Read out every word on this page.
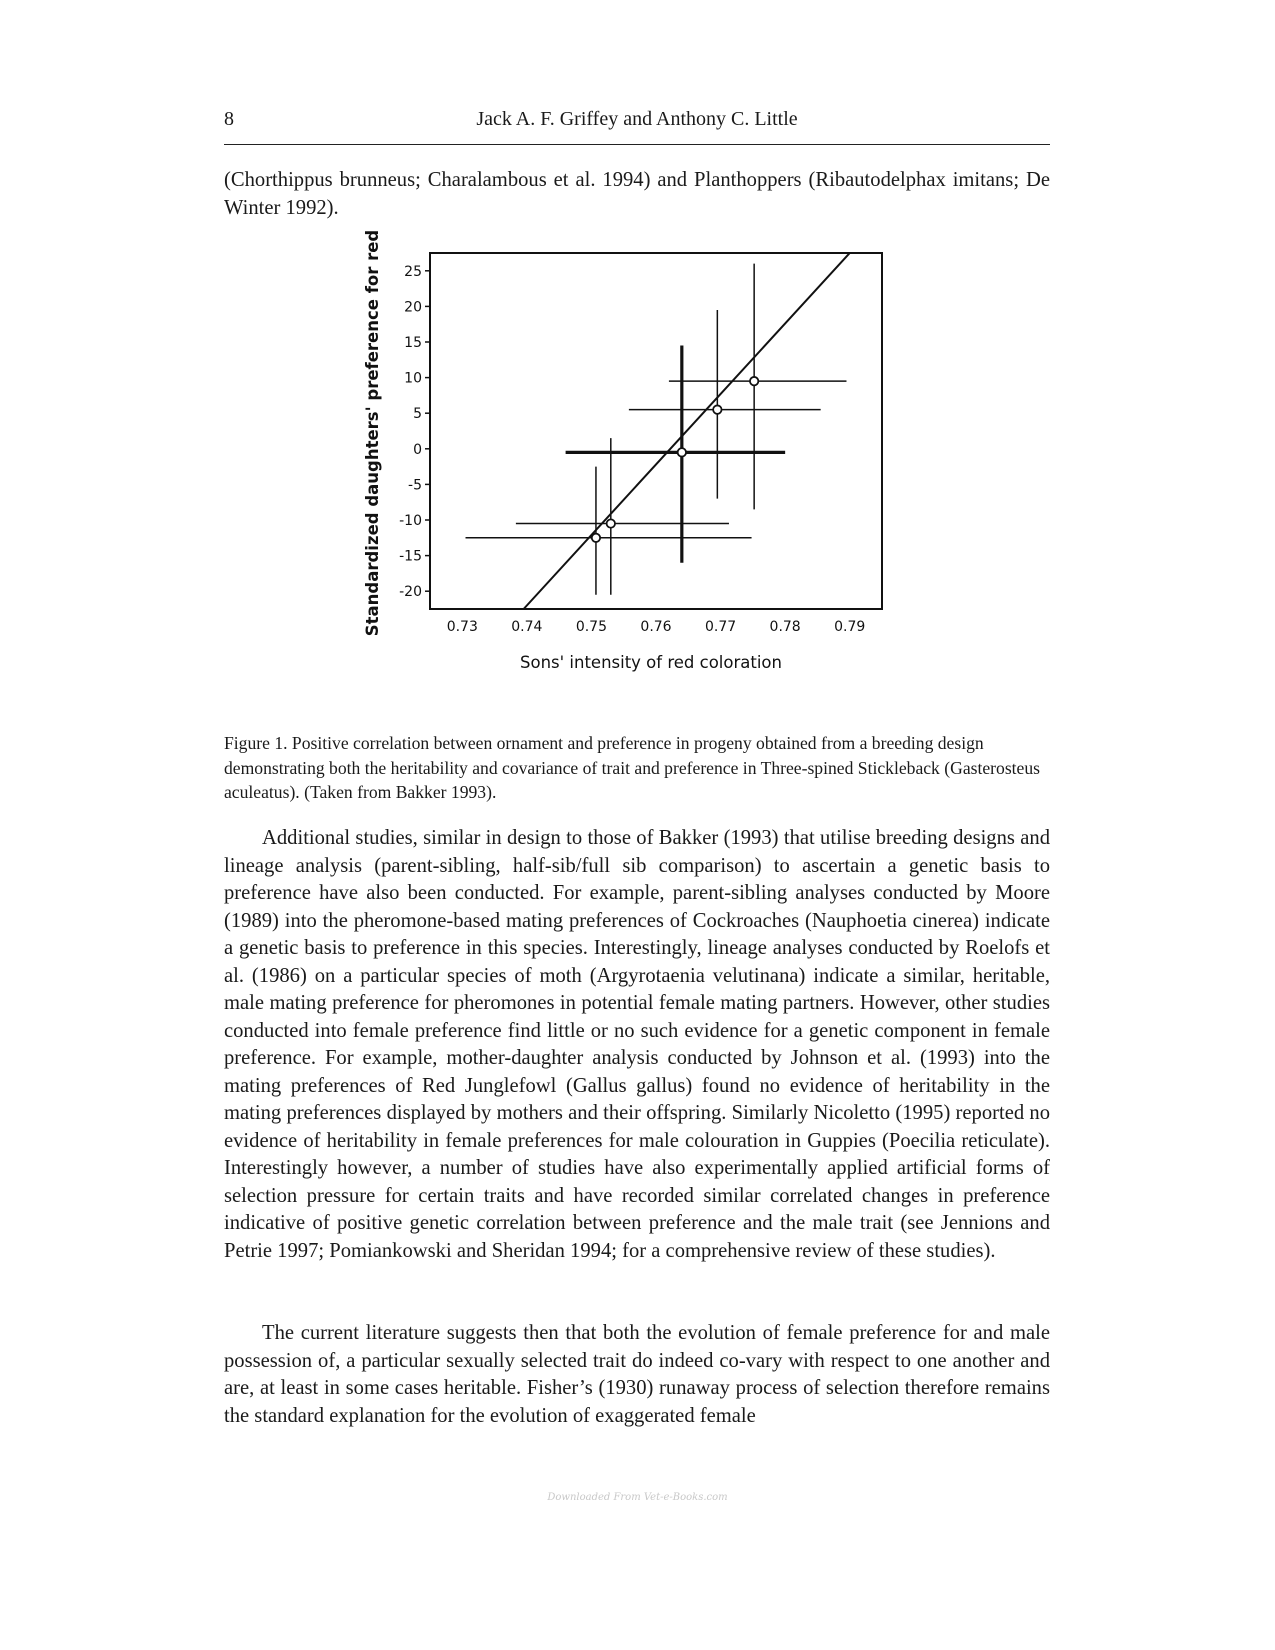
8	Jack A. F. Griffey and Anthony C. Little
(Chorthippus brunneus; Charalambous et al. 1994) and Planthoppers (Ribautodelphax imitans; De Winter 1992).
25
20
15
10
5
0
-5
-10
-15
-20
0.73 0.74 0.75 0.76 0.77 0.78 0.79
Sons' intensity of red coloration
Standardized daughters' preference for red
Figure 1. Positive correlation between ornament and preference in progeny obtained from a breeding design demonstrating both the heritability and covariance of trait and preference in Three-spined Stickleback (Gasterosteus aculeatus). (Taken from Bakker 1993).
Additional studies, similar in design to those of Bakker (1993) that utilise breeding designs and lineage analysis (parent-sibling, half-sib/full sib comparison) to ascertain a genetic basis to preference have also been conducted. For example, parent-sibling analyses conducted by Moore (1989) into the pheromone-based mating preferences of Cockroaches (Nauphoetia cinerea) indicate a genetic basis to preference in this species. Interestingly, lineage analyses conducted by Roelofs et al. (1986) on a particular species of moth (Argyrotaenia velutinana) indicate a similar, heritable, male mating preference for pheromones in potential female mating partners. However, other studies conducted into female preference find little or no such evidence for a genetic component in female preference. For example, mother-daughter analysis conducted by Johnson et al. (1993) into the mating preferences of Red Junglefowl (Gallus gallus) found no evidence of heritability in the mating preferences displayed by mothers and their offspring. Similarly Nicoletto (1995) reported no evidence of heritability in female preferences for male colouration in Guppies (Poecilia reticulate). Interestingly however, a number of studies have also experimentally applied artificial forms of selection pressure for certain traits and have recorded similar correlated changes in preference indicative of positive genetic correlation between preference and the male trait (see Jennions and Petrie 1997; Pomiankowski and Sheridan 1994; for a comprehensive review of these studies).
The current literature suggests then that both the evolution of female preference for and male possession of, a particular sexually selected trait do indeed co-vary with respect to one another and are, at least in some cases heritable. Fisher’s (1930) runaway process of selection therefore remains the standard explanation for the evolution of exaggerated female
Downloaded From Vet-e-Books.com
